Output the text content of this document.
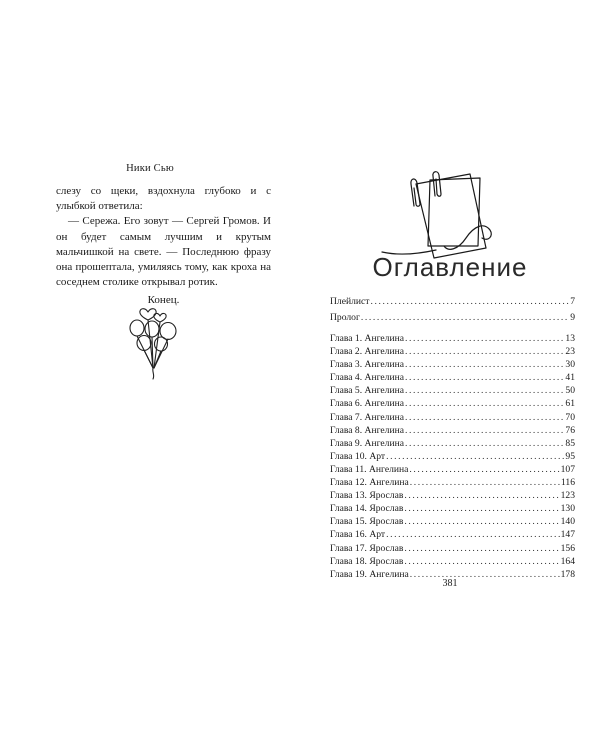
Ники Сью

слезу со щеки, вздохнула глубоко и с улыбкой ответила:

— Сережа. Его зовут — Сергей Громов. И он будет самым лучшим и крутым мальчишкой на свете. — Последнюю фразу она прошептала, умиляясь тому, как кроха на соседнем столике открывал ротик.

Конец.

Оглавление
Плейлист .....	7
Пролог .....	9
Глава 1. Ангелина .....	13
Глава 2. Ангелина .....	23
Глава 3. Ангелина .....	30
Глава 4. Ангелина .....	41
Глава 5. Ангелина .....	50
Глава 6. Ангелина .....	61
Глава 7. Ангелина .....	70
Глава 8. Ангелина .....	76
Глава 9. Ангелина .....	85
Глава 10. Арт .....	95
Глава 11. Ангелина .....	107
Глава 12. Ангелина .....	116
Глава 13. Ярослав .....	123
Глава 14. Ярослав .....	130
Глава 15. Ярослав .....	140
Глава 16. Арт .....	147
Глава 17. Ярослав .....	156
Глава 18. Ярослав .....	164
Глава 19. Ангелина .....	178
381
